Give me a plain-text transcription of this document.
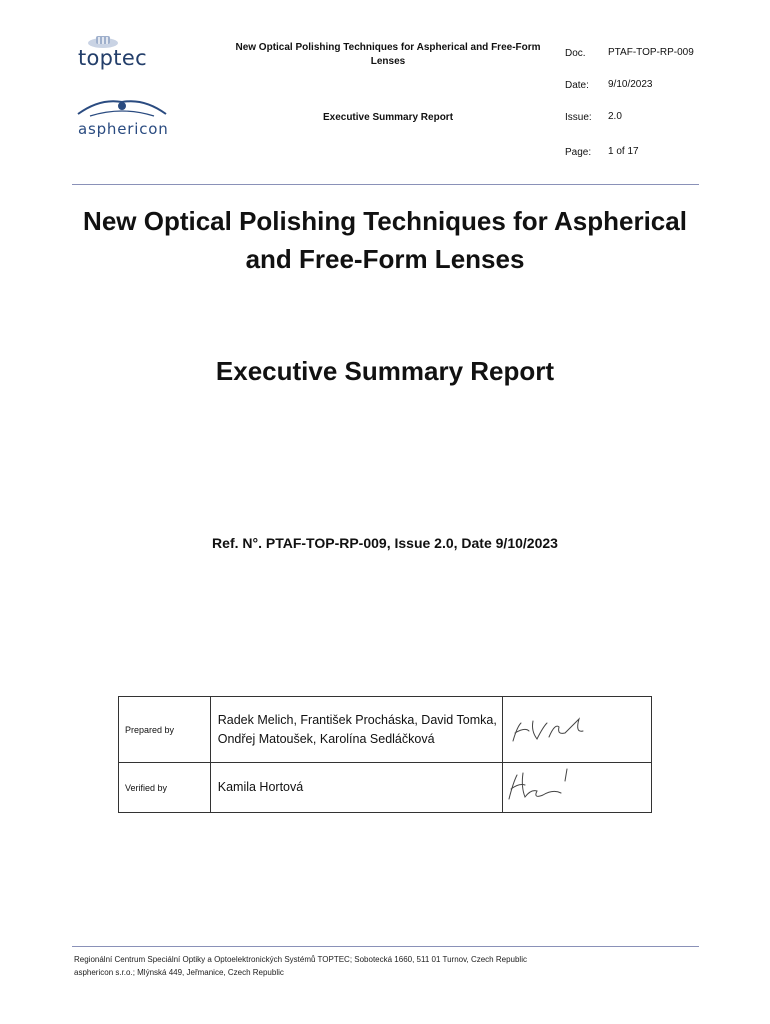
toptec
asphericon
New Optical Polishing Techniques for Aspherical and Free-Form Lenses
Executive Summary Report
Doc. PTAF-TOP-RP-009
Date: 9/10/2023
Issue: 2.0
Page: 1 of 17
New Optical Polishing Techniques for Aspherical and Free-Form Lenses
Executive Summary Report
Ref. N°. PTAF-TOP-RP-009, Issue 2.0, Date 9/10/2023
Prepared by	Radek Melich, František Procháska, David Tomka, Ondřej Matoušek, Karolína Sedláčková	
Verified by	Kamila Hortová	
Regionální Centrum Speciální Optiky a Optoelektronických Systémů TOPTEC; Sobotecká 1660, 511 01 Turnov, Czech Republic
asphericon s.r.o.; Mlýnská 449, Jeřmanice, Czech Republic
